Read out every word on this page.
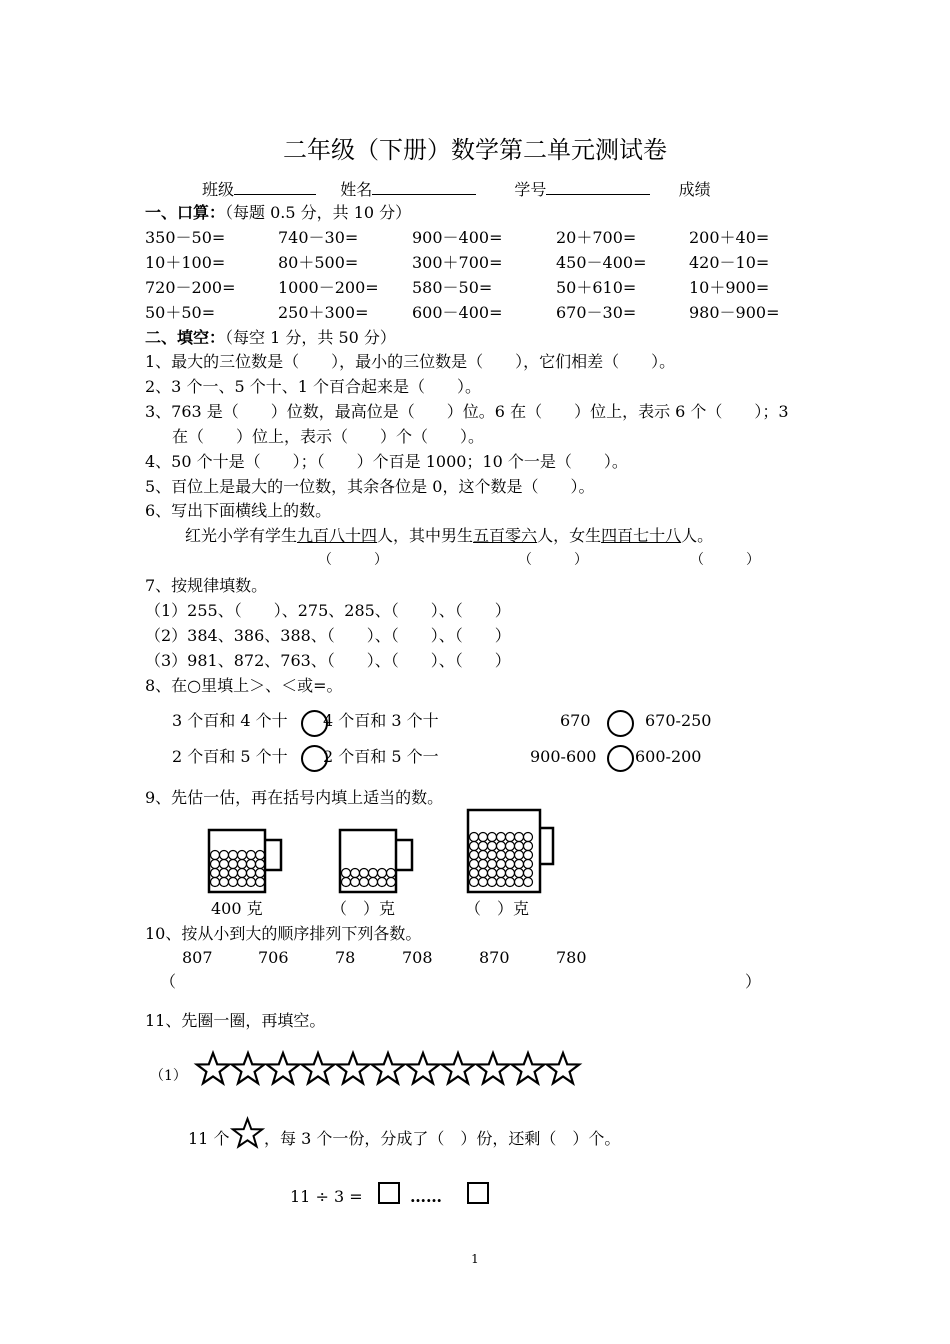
二年级（下册）数学第二单元测试卷
班级	姓名	学号	成绩
一、口算：（每题 0.5 分，共 10 分）
350－50=	740－30=	900－400=	20＋700=	200＋40=
10＋100=	80＋500=	300＋700=	450－400=	420－10=
720－200=	1000－200= 580－50=	50＋610=	10＋900=
50＋50=	250＋300=	600－400=	670－30=	980－900=
二、填空：（每空 1 分，共 50 分）
1、最大的三位数是（　　），最小的三位数是（　　），它们相差（　　）。
2、3 个一、5 个十、1 个百合起来是（　　）。
3、763 是（　　）位数，最高位是（　　）位。6 在（　　）位上，表示 6 个（　　）；3
在（　　）位上，表示（　　）个（　　）。
4、50 个十是（　　）；（　　）个百是 1000；10 个一是（　　）。
5、百位上是最大的一位数，其余各位是 0，这个数是（　　）。
6、写出下面横线上的数。
红光小学有学生九百八十四人，其中男生五百零六人，女生四百七十八人。
（　　　）	（　　　）	（　　　）
7、按规律填数。
（1）255、（　　）、275、285、（　　）、（　　）
（2）384、386、388、（　　）、（　　）、（　　）
（3）981、872、763、（　　）、（　　）、（　　）
8、在○里填上＞、＜或=。
3 个百和 4 个十 4 个百和 3 个十	670	670-250
2 个百和 5 个十 2 个百和 5 个一	900-600 600-200
9、先估一估，再在括号内填上适当的数。
400 克	（　）克	（　）克
10、按从小到大的顺序排列下列各数。
807	706	78	708	870	780
（	）
11、先圈一圈，再填空。
（1）
11 个 ，每 3 个一份，分成了（　）份，还剩（　）个。
11 ÷ 3 =	……
1
